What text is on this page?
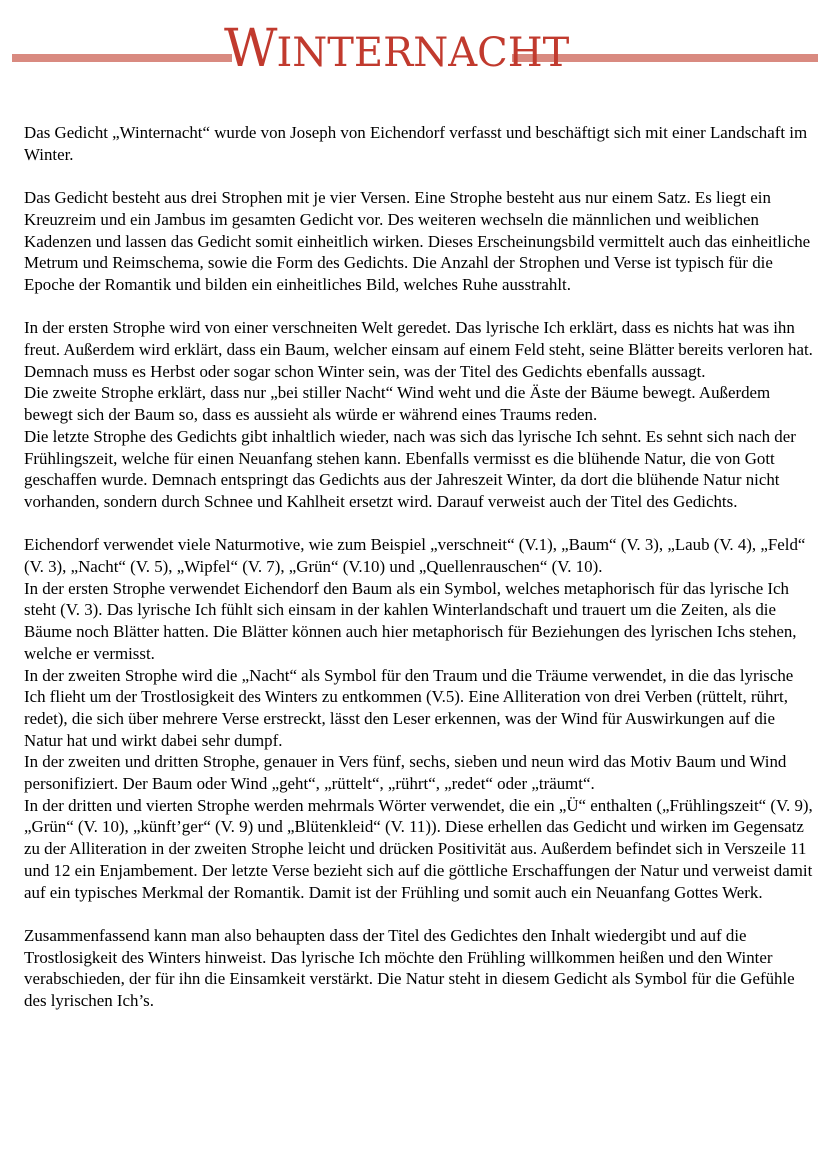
WINTERNACHT

Das Gedicht „Winternacht“ wurde von Joseph von Eichendorf verfasst und beschäftigt sich mit einer Landschaft im Winter.

Das Gedicht besteht aus drei Strophen mit je vier Versen. Eine Strophe besteht aus nur einem Satz. Es liegt ein Kreuzreim und ein Jambus im gesamten Gedicht vor. Des weiteren wechseln die männlichen und weiblichen Kadenzen und lassen das Gedicht somit einheitlich wirken. Dieses Erscheinungsbild vermittelt auch das einheitliche Metrum und Reimschema, sowie die Form des Gedichts. Die Anzahl der Strophen und Verse ist typisch für die Epoche der Romantik und bilden ein einheitliches Bild, welches Ruhe ausstrahlt.

In der ersten Strophe wird von einer verschneiten Welt geredet. Das lyrische Ich erklärt, dass es nichts hat was ihn freut. Außerdem wird erklärt, dass ein Baum, welcher einsam auf einem Feld steht, seine Blätter bereits verloren hat. Demnach muss es Herbst oder sogar schon Winter sein, was der Titel des Gedichts ebenfalls aussagt.

Die zweite Strophe erklärt, dass nur „bei stiller Nacht“ Wind weht und die Äste der Bäume bewegt. Außerdem bewegt sich der Baum so, dass es aussieht als würde er während eines Traums reden.

Die letzte Strophe des Gedichts gibt inhaltlich wieder, nach was sich das lyrische Ich sehnt. Es sehnt sich nach der Frühlingszeit, welche für einen Neuanfang stehen kann. Ebenfalls vermisst es die blühende Natur, die von Gott geschaffen wurde. Demnach entspringt das Gedichts aus der Jahreszeit Winter, da dort die blühende Natur nicht vorhanden, sondern durch Schnee und Kahlheit ersetzt wird. Darauf verweist auch der Titel des Gedichts.

Eichendorf verwendet viele Naturmotive, wie zum Beispiel „verschneit“ (V.1), „Baum“ (V. 3), „Laub (V. 4), „Feld“ (V. 3), „Nacht“ (V. 5), „Wipfel“ (V. 7), „Grün“ (V.10) und „Quellenrauschen“ (V. 10).

In der ersten Strophe verwendet Eichendorf den Baum als ein Symbol, welches metaphorisch für das lyrische Ich steht (V. 3). Das lyrische Ich fühlt sich einsam in der kahlen Winterlandschaft und trauert um die Zeiten, als die Bäume noch Blätter hatten. Die Blätter können auch hier metaphorisch für Beziehungen des lyrischen Ichs stehen, welche er vermisst.

In der zweiten Strophe wird die „Nacht“ als Symbol für den Traum und die Träume verwendet, in die das lyrische Ich flieht um der Trostlosigkeit des Winters zu entkommen (V.5). Eine Alliteration von drei Verben (rüttelt, rührt, redet), die sich über mehrere Verse erstreckt, lässt den Leser erkennen, was der Wind für Auswirkungen auf die Natur hat und wirkt dabei sehr dumpf.

In der zweiten und dritten Strophe, genauer in Vers fünf, sechs, sieben und neun wird das Motiv Baum und Wind personifiziert. Der Baum oder Wind „geht“, „rüttelt“, „rührt“, „redet“ oder „träumt“.

In der dritten und vierten Strophe werden mehrmals Wörter verwendet, die ein „Ü“ enthalten („Frühlingszeit“ (V. 9), „Grün“ (V. 10), „künft’ger“ (V. 9) und „Blütenkleid“ (V. 11)). Diese erhellen das Gedicht und wirken im Gegensatz zu der Alliteration in der zweiten Strophe leicht und drücken Positivität aus. Außerdem befindet sich in Verszeile 11 und 12 ein Enjambement. Der letzte Verse bezieht sich auf die göttliche Erschaffungen der Natur und verweist damit auf ein typisches Merkmal der Romantik. Damit ist der Frühling und somit auch ein Neuanfang Gottes Werk.

Zusammenfassend kann man also behaupten dass der Titel des Gedichtes den Inhalt wiedergibt und auf die Trostlosigkeit des Winters hinweist. Das lyrische Ich möchte den Frühling willkommen heißen und den Winter verabschieden, der für ihn die Einsamkeit verstärkt. Die Natur steht in diesem Gedicht als Symbol für die Gefühle des lyrischen Ich’s.
